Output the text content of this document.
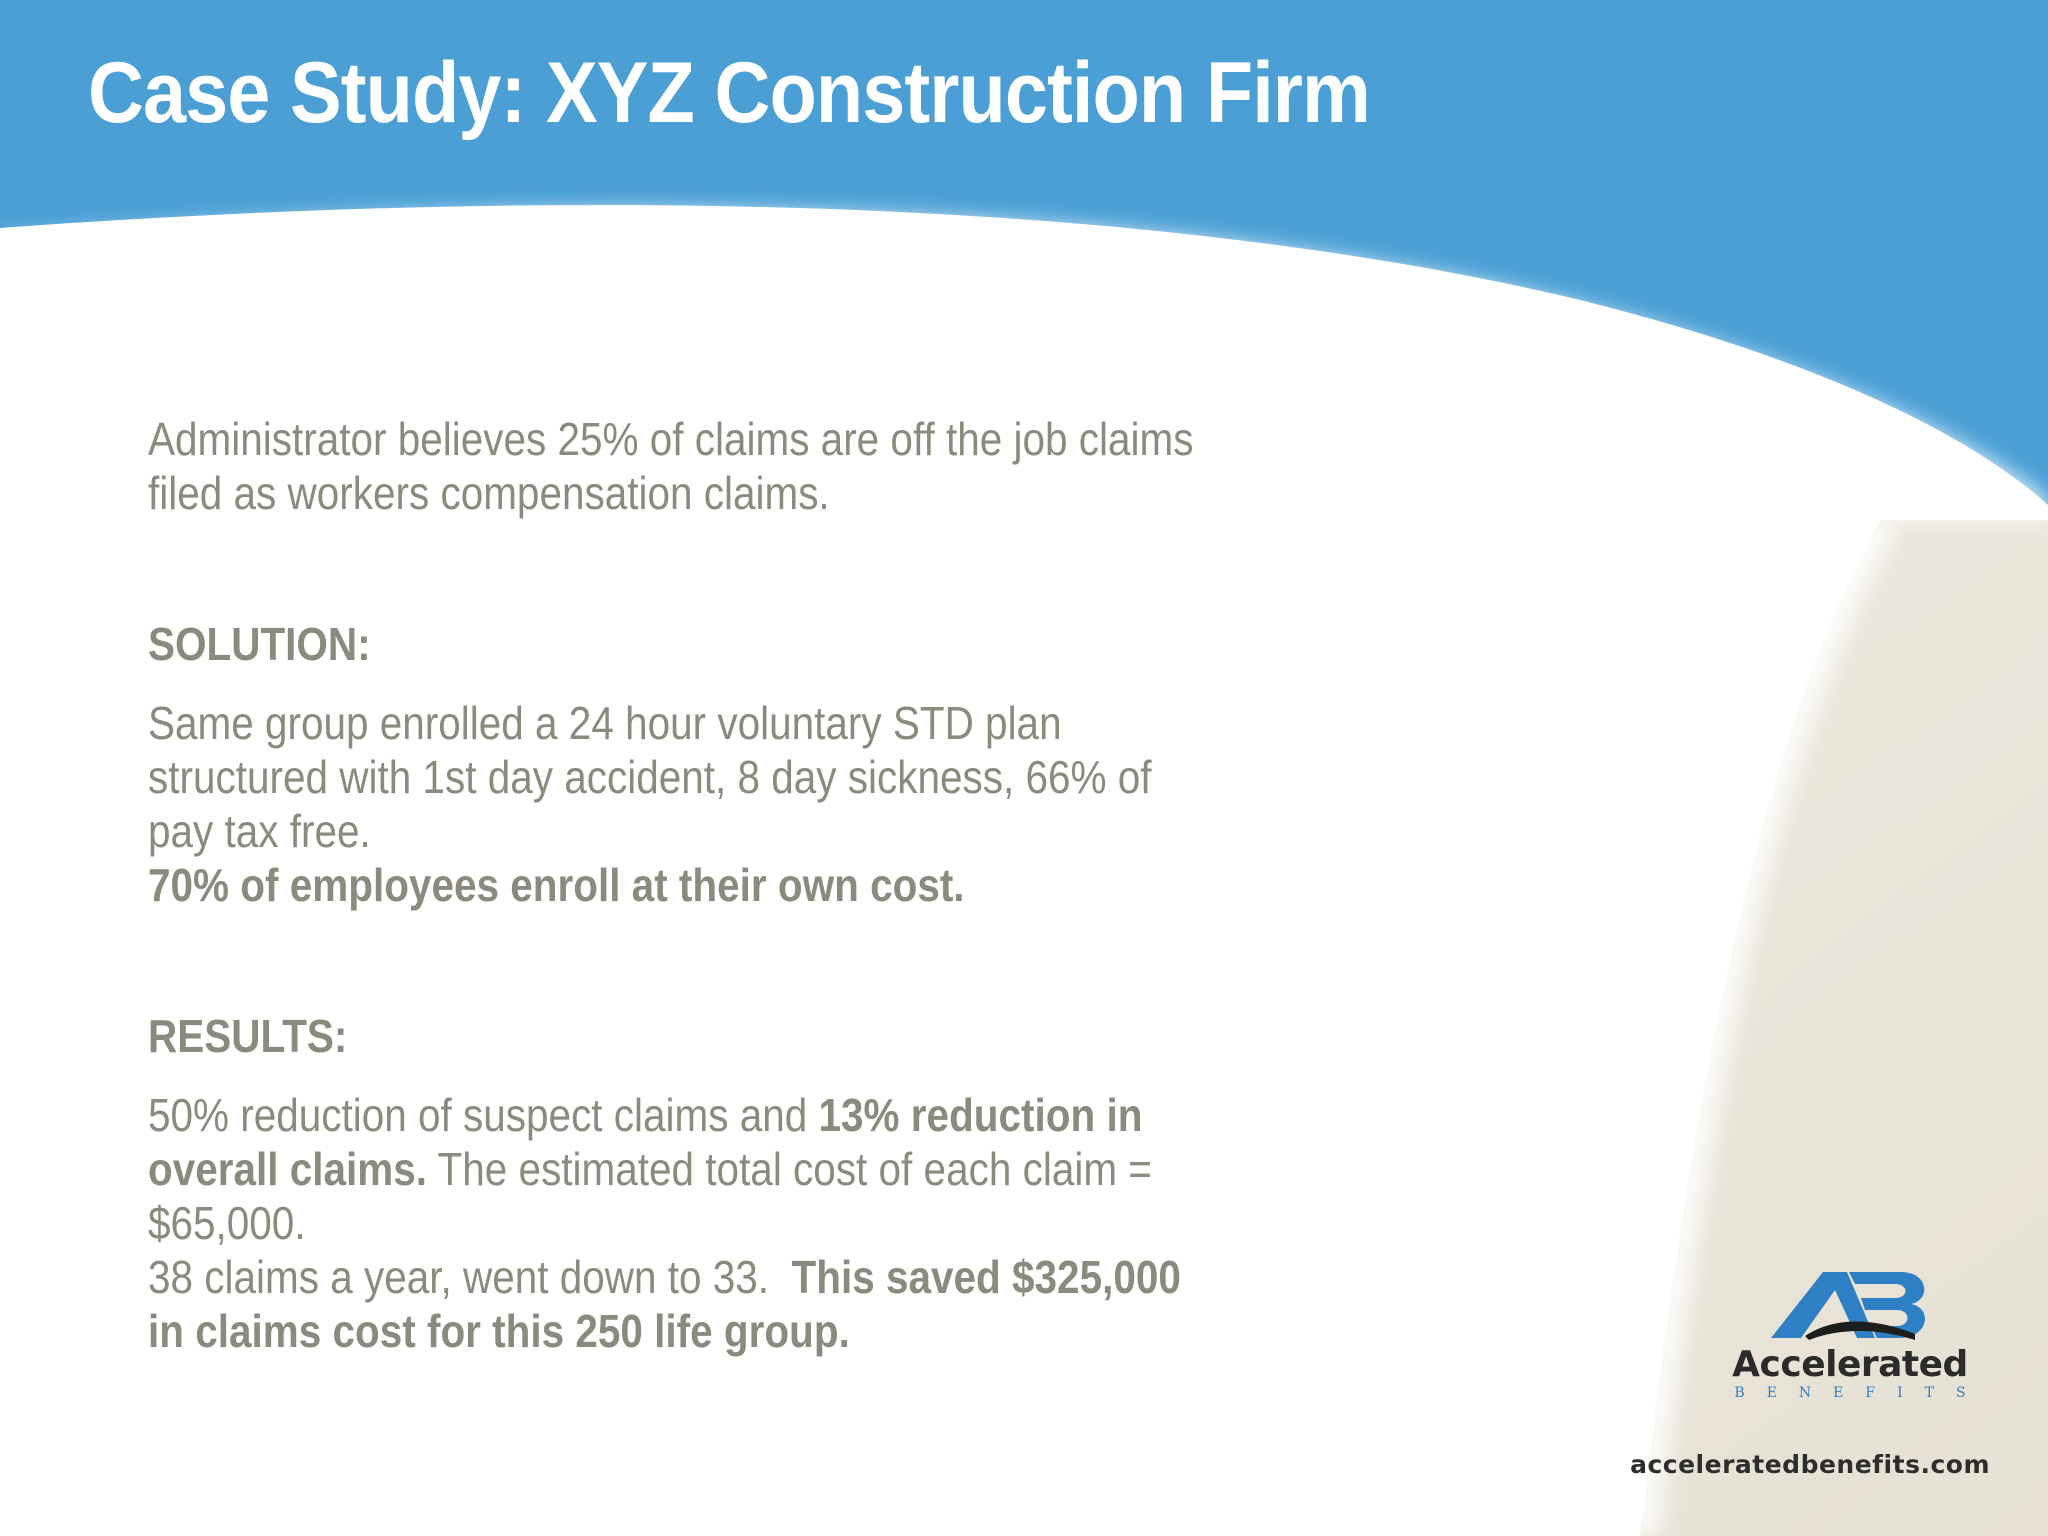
Case Study: XYZ Construction Firm

Administrator believes 25% of claims are off the job claims filed as workers compensation claims.

SOLUTION:

Same group enrolled a 24 hour voluntary STD plan structured with 1st day accident, 8 day sickness, 66% of pay tax free.
70% of employees enroll at their own cost.

RESULTS:

50% reduction of suspect claims and 13% reduction in overall claims. The estimated total cost of each claim = $65,000.
38 claims a year, went down to 33.  This saved $325,000 in claims cost for this 250 life group.

Accelerated
BENEFITS
acceleratedbenefits.com
